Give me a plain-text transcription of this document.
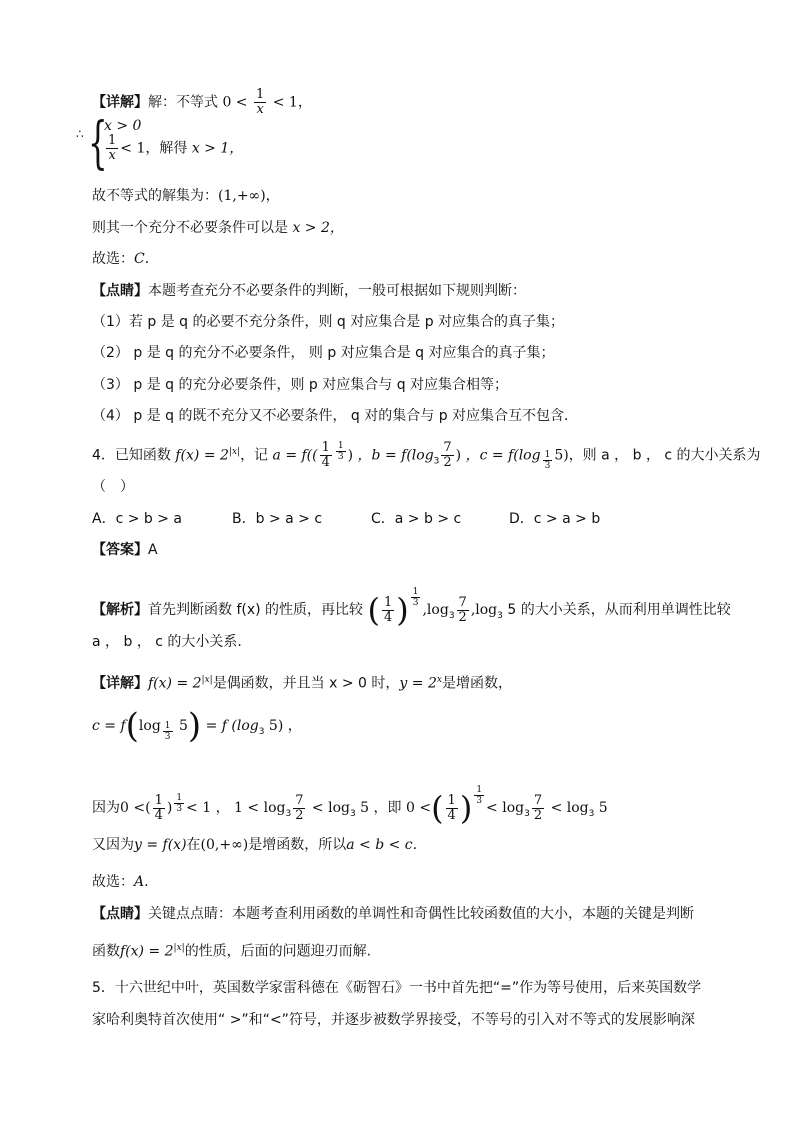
【详解】解：不等式 $0 < \frac{1}{x} < 1$，
{
∴ x > 0
$\frac{1}{x} < 1$，解得 x > 1，
故不等式的解集为：(1,+∞)，
则其一个充分不必要条件可以是 x > 2，
故选：C．
【点睛】本题考查充分不必要条件的判断，一般可根据如下规则判断：
（1）若 p 是 q 的必要不充分条件，则 q 对应集合是 p 对应集合的真子集；
（2） p 是 q 的充分不必要条件， 则 p 对应集合是 q 对应集合的真子集；
（3） p 是 q 的充分必要条件，则 p 对应集合与 q 对应集合相等；
（4） p 是 q 的既不充分又不必要条件， q 对的集合与 p 对应集合互不包含．
4．已知函数 $f(x) = 2^{|x|}$，记 $a = f(( \frac{1}{4} ^{\frac{1}{3}}$ ) ，$b = f(\log_3 \frac{7}{2}$ ) ，c = f(log $_{\frac{1}{3}}$ 5)，则 a ， b ， c 的大小关系为
（　）
A．c > b > a	B．b > a > c	C．a > b > c	D．c > a > b
【答案】A
【解析】首先判断函数 f(x) 的性质，再比较 ( $\frac{1}{4}$ ) $^{\frac{1}{3}}$
$,\log_3 \frac{7}{2} ,\log_3$ 5 的大小关系，从而利用单调性比较
a ， b ， c 的大小关系.
【详解】$f(x) = 2^{|x|}$是偶函数，并且当 x > 0 时，$y = 2^x$是增函数，
c = f(log $_{\frac{1}{3}}$ 5) = f ($\log_3$ 5) ，
因为0 <( $\frac{1}{4}$ ) $^{\frac{1}{3}}$ < 1 ， $1 < \log_3 \frac{7}{2} < \log_3 5$ ，即 0 <( $\frac{1}{4}$ ) $^{\frac{1}{3}}$
< $\log_3 \frac{7}{2} < \log_3 5$
又因为y = f(x)在(0,+∞)是增函数，所以a < b < c.
故选：A.
【点睛】关键点点睛：本题考查利用函数的单调性和奇偶性比较函数值的大小，本题的关键是判断
函数$f(x) = 2^{|x|}$的性质，后面的问题迎刃而解.
5．十六世纪中叶，英国数学家雷科德在《砺智石》一书中首先把“=”作为等号使用，后来英国数学
家哈利奥特首次使用“ >”和“<”符号，并逐步被数学界接受，不等号的引入对不等式的发展影响深
